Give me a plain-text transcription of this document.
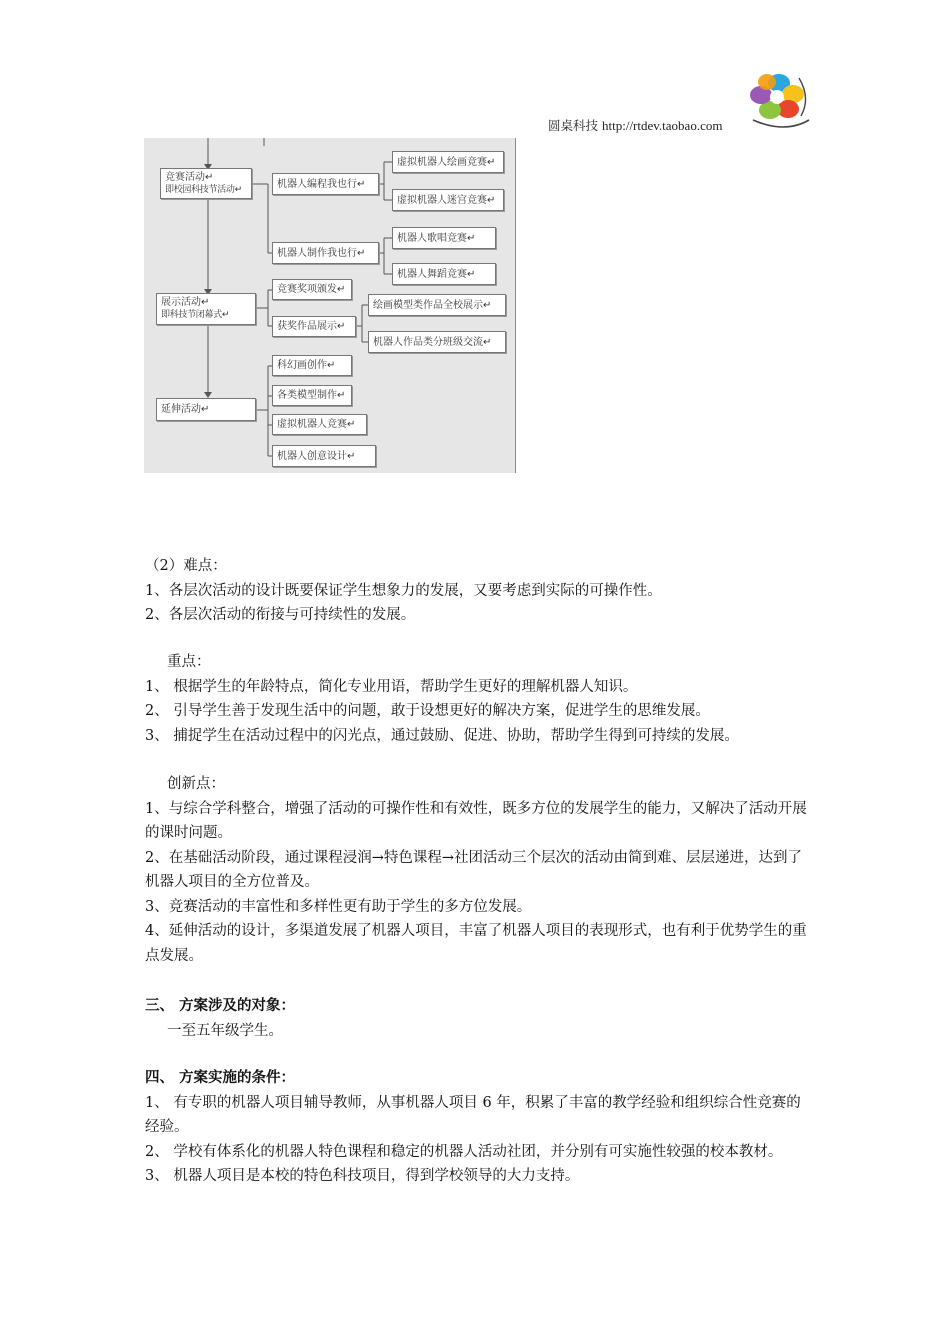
圆桌科技 http://rtdev.taobao.com
竞赛活动↵
即校园科技节活动↵
展示活动↵
即科技节闭幕式↵
延伸活动↵
机器人编程我也行↵
机器人制作我也行↵
竞赛奖项颁发↵
获奖作品展示↵
科幻画创作↵
各类模型制作↵
虚拟机器人竞赛↵
机器人创意设计↵
虚拟机器人绘画竞赛↵
虚拟机器人迷宫竞赛↵
机器人歌唱竞赛↵
机器人舞蹈竞赛↵
绘画模型类作品全校展示↵
机器人作品类分班级交流↵

（2）难点：

1、各层次活动的设计既要保证学生想象力的发展，又要考虑到实际的可操作性。

2、各层次活动的衔接与可持续性的发展。

重点：

1、 根据学生的年龄特点，简化专业用语，帮助学生更好的理解机器人知识。

2、 引导学生善于发现生活中的问题，敢于设想更好的解决方案，促进学生的思维发展。

3、 捕捉学生在活动过程中的闪光点，通过鼓励、促进、协助，帮助学生得到可持续的发展。

创新点：

1、与综合学科整合，增强了活动的可操作性和有效性，既多方位的发展学生的能力，又解决了活动开展的课时问题。

2、在基础活动阶段，通过课程浸润→特色课程→社团活动三个层次的活动由简到难、层层递进，达到了机器人项目的全方位普及。

3、竞赛活动的丰富性和多样性更有助于学生的多方位发展。

4、延伸活动的设计，多渠道发展了机器人项目，丰富了机器人项目的表现形式，也有利于优势学生的重点发展。

三、 方案涉及的对象：

一至五年级学生。

四、 方案实施的条件：

1、 有专职的机器人项目辅导教师，从事机器人项目 6 年，积累了丰富的教学经验和组织综合性竞赛的经验。

2、 学校有体系化的机器人特色课程和稳定的机器人活动社团，并分别有可实施性较强的校本教材。

3、 机器人项目是本校的特色科技项目，得到学校领导的大力支持。
